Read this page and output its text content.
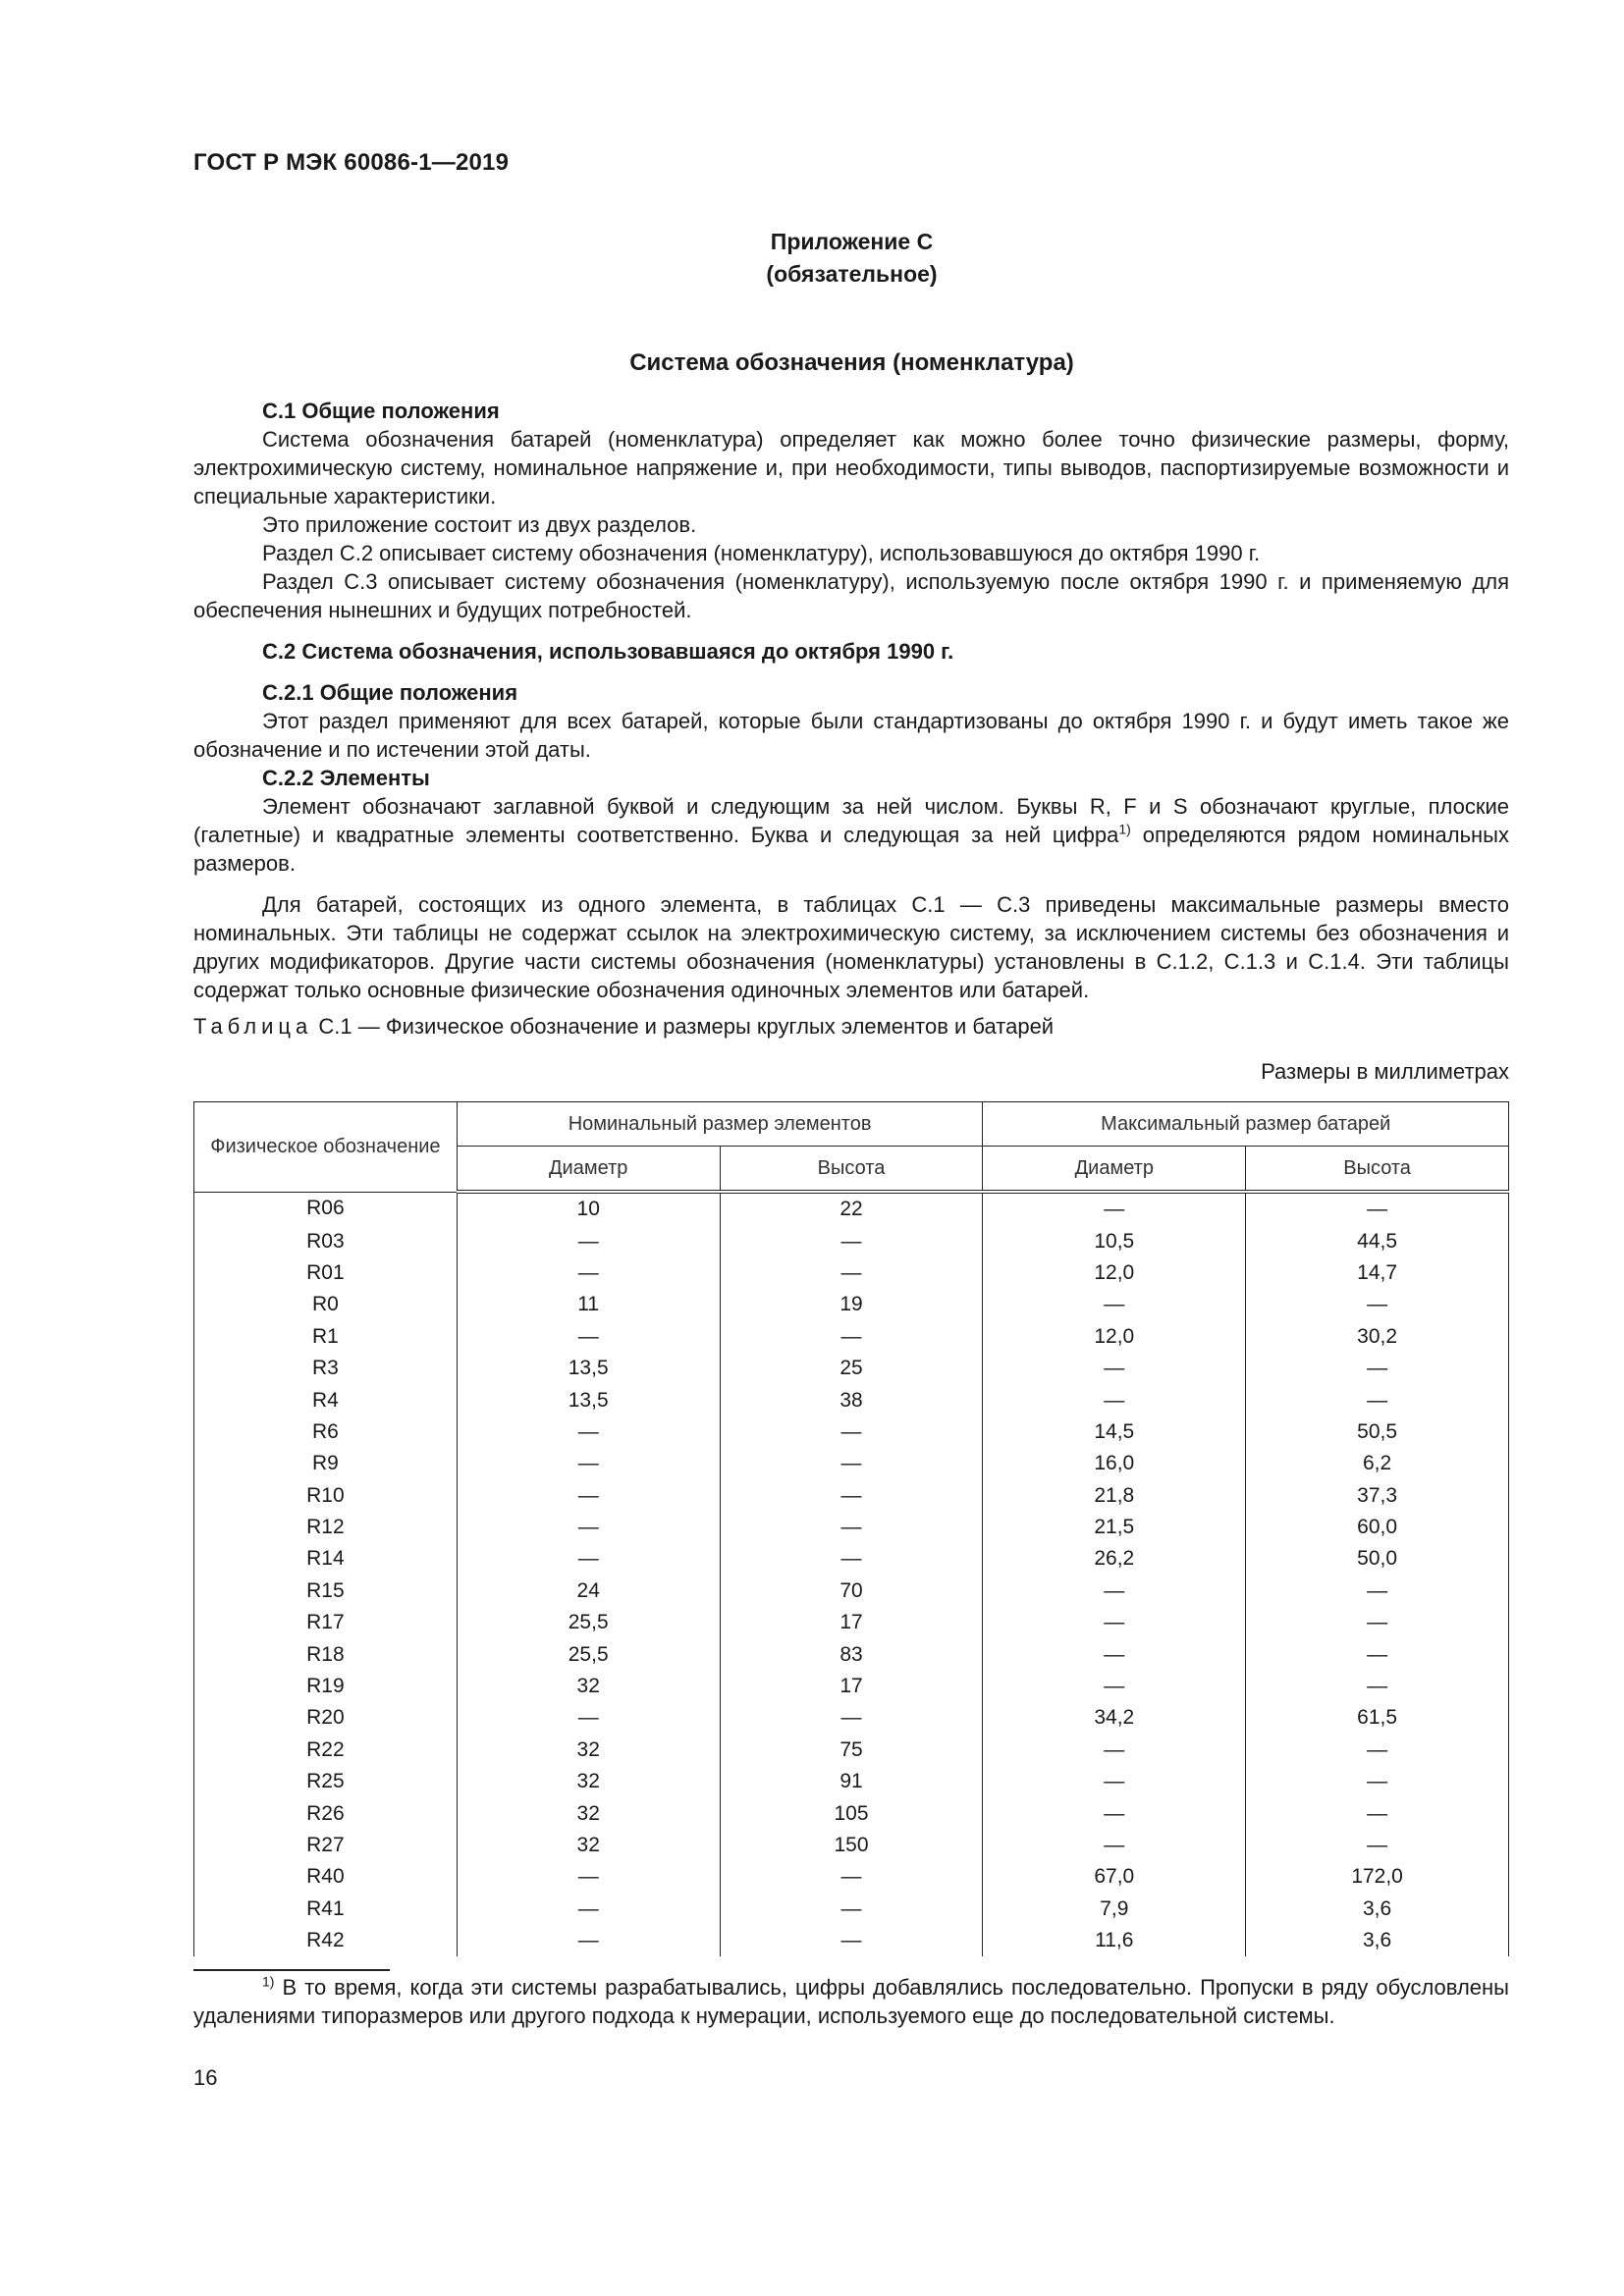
ГОСТ Р МЭК 60086-1—2019
Приложение С
(обязательное)
Система обозначения (номенклатура)
С.1 Общие положения

Система обозначения батарей (номенклатура) определяет как можно более точно физические размеры, форму, электрохимическую систему, номинальное напряжение и, при необходимости, типы выводов, паспортизируемые возможности и специальные характеристики.

Это приложение состоит из двух разделов.

Раздел С.2 описывает систему обозначения (номенклатуру), использовавшуюся до октября 1990 г.

Раздел С.3 описывает систему обозначения (номенклатуру), используемую после октября 1990 г. и применяемую для обеспечения нынешних и будущих потребностей.

С.2 Система обозначения, использовавшаяся до октября 1990 г.
С.2.1 Общие положения

Этот раздел применяют для всех батарей, которые были стандартизованы до октября 1990 г. и будут иметь такое же обозначение и по истечении этой даты.

С.2.2 Элементы

Элемент обозначают заглавной буквой и следующим за ней числом. Буквы R, F и S обозначают круглые, плоские (галетные) и квадратные элементы соответственно. Буква и следующая за ней цифра$^{1)}$ определяются рядом номинальных размеров.

Для батарей, состоящих из одного элемента, в таблицах С.1 — С.3 приведены максимальные размеры вместо номинальных. Эти таблицы не содержат ссылок на электрохимическую систему, за исключением системы без обозначения и других модификаторов. Другие части системы обозначения (номенклатуры) установлены в С.1.2, С.1.3 и С.1.4. Эти таблицы содержат только основные физические обозначения одиночных элементов или батарей.

Таблица С.1 — Физическое обозначение и размеры круглых элементов и батарей
Размеры в миллиметрах
Физическое обозначение	Номинальный размер элементов		Максимальный размер батарей	
	Диаметр	Высота	Диаметр	Высота
R06	10	22	—	—
R03	—	—	10,5	44,5
R01	—	—	12,0	14,7
R0	11	19	—	—
R1	—	—	12,0	30,2
R3	13,5	25	—	—
R4	13,5	38	—	—
R6	—	—	14,5	50,5
R9	—	—	16,0	6,2
R10	—	—	21,8	37,3
R12	—	—	21,5	60,0
R14	—	—	26,2	50,0
R15	24	70	—	—
R17	25,5	17	—	—
R18	25,5	83	—	—
R19	32	17	—	—
R20	—	—	34,2	61,5
R22	32	75	—	—
R25	32	91	—	—
R26	32	105	—	—
R27	32	150	—	—
R40	—	—	67,0	172,0
R41	—	—	7,9	3,6
R42	—	—	11,6	3,6
$^{1)}$ В то время, когда эти системы разрабатывались, цифры добавлялись последовательно. Пропуски в ряду обусловлены удалениями типоразмеров или другого подхода к нумерации, используемого еще до последовательной системы.
16
